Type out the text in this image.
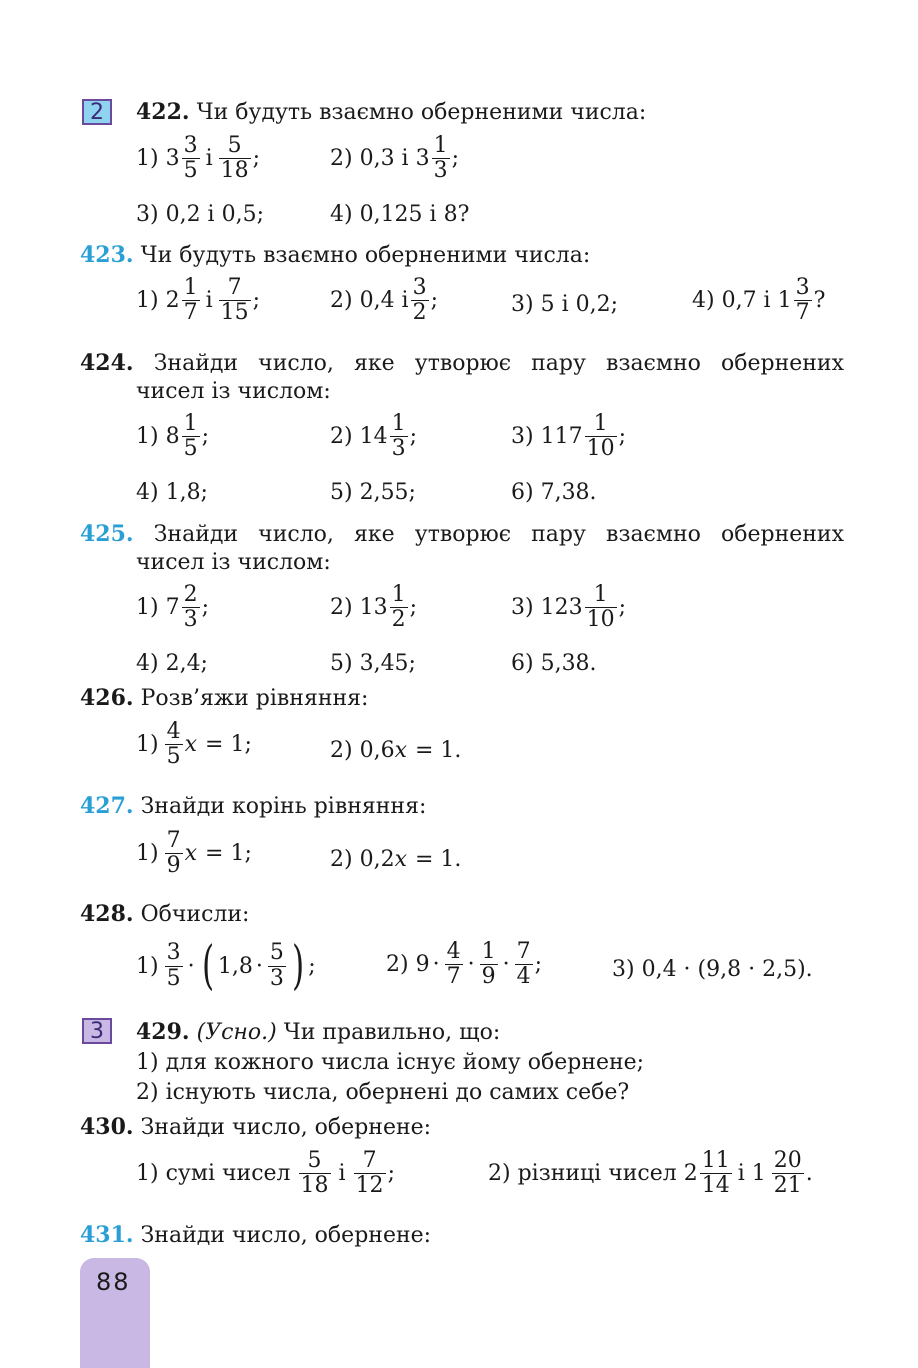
2 422. Чи будуть взаємно оберненими числа:
1) $3 \frac{3}{5}$ і $\frac{5}{18}$ ;	2) 0,3 і $3 \frac{1}{3}$ ;
3) 0,2 і 0,5;	4) 0,125 і 8?
423. Чи будуть взаємно оберненими числа:
1) $2 \frac{1}{7}$ і $\frac{7}{15}$ ;	2) 0,4 і $\frac{3}{2}$ ;	3) 5 і 0,2;	4) 0,7 і $1 \frac{3}{7}$ ?
424. Знайди число, яке утворює пару взаємно обернених
чисел із числом:
1) $8 \frac{1}{5}$ ;	2) $14 \frac{1}{3}$ ;	3) $117 \frac{1}{10}$ ;
4) 1,8;	5) 2,55;	6) 7,38.
425. Знайди число, яке утворює пару взаємно обернених
чисел із числом:
1) $7 \frac{2}{3}$ ;	2) $13 \frac{1}{2}$ ;	3) $123 \frac{1}{10}$ ;
4) 2,4;	5) 3,45;	6) 5,38.
426. Розв’яжи рівняння:
$1) \frac{4}{5}$ x = 1;	2) 0,6 x = 1.
427. Знайди корінь рівняння:
$1) \frac{7}{9}$ x = 1;	2) 0,2 x = 1.
428. Обчисли:
$1) \frac{3}{5}$ · ( $1,8 \cdot \frac{5}{3}$ ) ;	2) $9 \cdot \frac{4}{7} \cdot \frac{1}{9} \cdot \frac{7}{4}$ ;	3) 0,4 · (9,8 · 2,5).
3 429. (Усно.) Чи правильно, що:
1) для кожного числа існує йому обернене;
2) існують числа, обернені до самих себе?
430. Знайди число, обернене:
1) сумі чисел $\frac{5}{18}$ і $\frac{7}{12}$ ;	2) різниці чисел $2 \frac{11}{14}$ і $1 \frac{20}{21}$ .
431. Знайди число, обернене:
88
